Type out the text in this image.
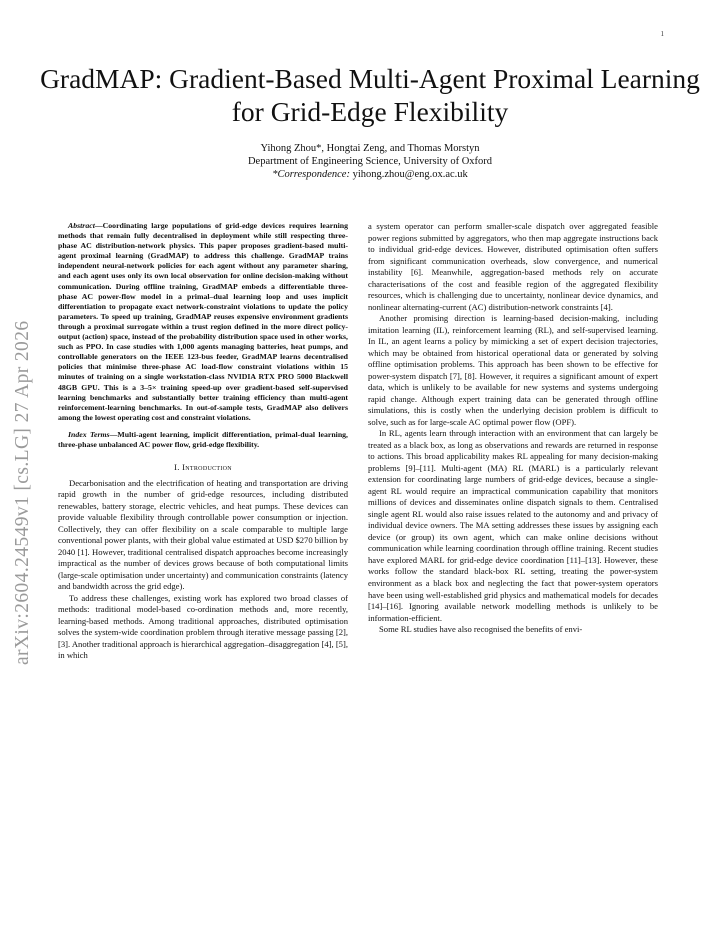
1
arXiv:2604.24549v1 [cs.LG] 27 Apr 2026
GradMAP: Gradient-Based Multi-Agent Proximal Learning for Grid-Edge Flexibility
Yihong Zhou*, Hongtai Zeng, and Thomas Morstyn
Department of Engineering Science, University of Oxford
*Correspondence: yihong.zhou@eng.ox.ac.uk
Abstract—Coordinating large populations of grid-edge devices requires learning methods that remain fully decentralised in deployment while still respecting three-phase AC distribution-network physics. This paper proposes gradient-based multi-agent proximal learning (GradMAP) to address this challenge. GradMAP trains independent neural-network policies for each agent without any parameter sharing, and each agent uses only its own local observation for online decision-making without communication. During offline training, GradMAP embeds a differentiable three-phase AC power-flow model in a primal–dual learning loop and uses implicit differentiation to propagate exact network-constraint violations to update the policy parameters. To speed up training, GradMAP reuses expensive environment gradients through a proximal surrogate within a trust region defined in the more direct policy-output (action) space, instead of the probability distribution space used in other works, such as PPO. In case studies with 1,000 agents managing batteries, heat pumps, and controllable generators on the IEEE 123-bus feeder, GradMAP learns decentralised policies that minimise three-phase AC load-flow constraint violations within 15 minutes of training on a single workstation-class NVIDIA RTX PRO 5000 Blackwell 48GB GPU. This is a 3–5× training speed-up over gradient-based self-supervised learning benchmarks and substantially better training efficiency than multi-agent reinforcement-learning benchmarks. In out-of-sample tests, GradMAP also delivers among the lowest operating cost and constraint violations.
Index Terms—Multi-agent learning, implicit differentiation, primal-dual learning, three-phase unbalanced AC power flow, grid-edge flexibility.
I. Introduction

Decarbonisation and the electrification of heating and transportation are driving rapid growth in the number of grid-edge resources, including distributed renewables, battery storage, electric vehicles, and heat pumps. These devices can provide valuable flexibility through controllable power consumption or injection. Collectively, they can offer flexibility on a scale comparable to multiple large conventional power plants, with their global value estimated at USD $270 billion by 2040 [1]. However, traditional centralised dispatch approaches become increasingly impractical as the number of devices grows because of both computational limits (large-scale optimisation under uncertainty) and communication constraints (latency and bandwidth across the grid edge).

To address these challenges, existing work has explored two broad classes of methods: traditional model-based co-ordination methods and, more recently, learning-based methods. Among traditional approaches, distributed optimisation solves the system-wide coordination problem through iterative message passing [2], [3]. Another traditional approach is hierarchical aggregation–disaggregation [4], [5], in which

a system operator can perform smaller-scale dispatch over aggregated feasible power regions submitted by aggregators, who then map aggregate instructions back to individual grid-edge devices. However, distributed optimisation often suffers from significant communication overheads, slow convergence, and numerical instability [6]. Meanwhile, aggregation-based methods rely on accurate characterisations of the cost and feasible region of the aggregated flexibility resources, which is challenging due to uncertainty, nonlinear device dynamics, and nonlinear alternating-current (AC) distribution-network constraints [4].

Another promising direction is learning-based decision-making, including imitation learning (IL), reinforcement learning (RL), and self-supervised learning. In IL, an agent learns a policy by mimicking a set of expert decision trajectories, which may be obtained from historical operational data or generated by solving offline optimisation problems. This approach has been shown to be effective for power-system dispatch [7], [8]. However, it requires a significant amount of expert data, which is unlikely to be available for new systems and systems undergoing rapid change. Although expert training data can be generated through offline simulations, this is costly when the underlying decision problem is difficult to solve, such as for large-scale AC optimal power flow (OPF).

In RL, agents learn through interaction with an environment that can largely be treated as a black box, as long as observations and rewards are returned in response to actions. This broad applicability makes RL appealing for many decision-making problems [9]–[11]. Multi-agent (MA) RL (MARL) is a particularly relevant extension for coordinating large numbers of grid-edge devices, because a single-agent RL would require an impractical communication capability that monitors millions of devices and disseminates online dispatch signals to them. Centralised single agent RL would also raise issues related to the autonomy and and privacy of individual device owners. The MA setting addresses these issues by assigning each device (or group) its own agent, which can make online decisions without communication while learning coordination through offline training. Recent studies have explored MARL for grid-edge device coordination [11]–[13]. However, these works follow the standard black-box RL setting, treating the power-system environment as a black box and neglecting the fact that power-system operators have been using well-established grid physics and mathematical models for decades [14]–[16]. Ignoring available network modelling methods is unlikely to be information-efficient.

Some RL studies have also recognised the benefits of envi-
